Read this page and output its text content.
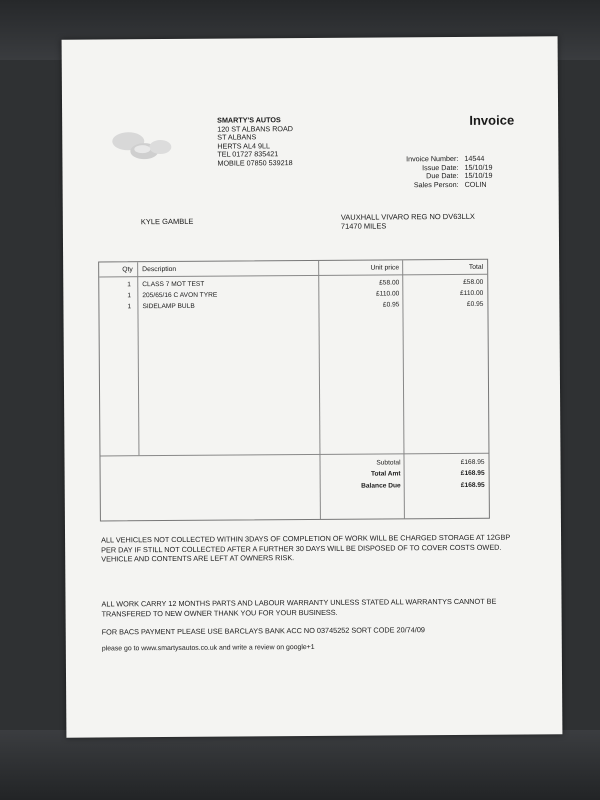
SMARTY'S AUTOS
120 ST ALBANS ROAD
ST ALBANS
HERTS AL4 9LL
TEL 01727 835421
MOBILE 07850 539218
Invoice
Invoice Number: 14544
Issue Date: 15/10/19
Due Date: 15/10/19
Sales Person: COLIN
KYLE GAMBLE	VAUXHALL VIVARO REG NO DV63LLX
71470 MILES
Qty Description	Unit price	Total
1 CLASS 7 MOT TEST	£58.00	£58.00
1 205/65/16 C AVON TYRE	£110.00	£110.00
1 SIDELAMP BULB	£0.95	£0.95
Subtotal	£168.95
Total Amt	£168.95
Balance Due	£168.95

ALL VEHICLES NOT COLLECTED WITHIN 3DAYS OF COMPLETION OF WORK WILL BE CHARGED STORAGE AT 12GBP PER DAY IF STILL NOT COLLECTED AFTER A FURTHER 30 DAYS WILL BE DISPOSED OF TO COVER COSTS OWED.

VEHICLE AND CONTENTS ARE LEFT AT OWNERS RISK.

ALL WORK CARRY 12 MONTHS PARTS AND LABOUR WARRANTY UNLESS STATED ALL WARRANTYS CANNOT BE TRANSFERED TO NEW OWNER THANK YOU FOR YOUR BUSINESS.
FOR BACS PAYMENT PLEASE USE BARCLAYS BANK ACC NO 03745252 SORT CODE 20/74/09
please go to www.smartysautos.co.uk and write a review on google+1
